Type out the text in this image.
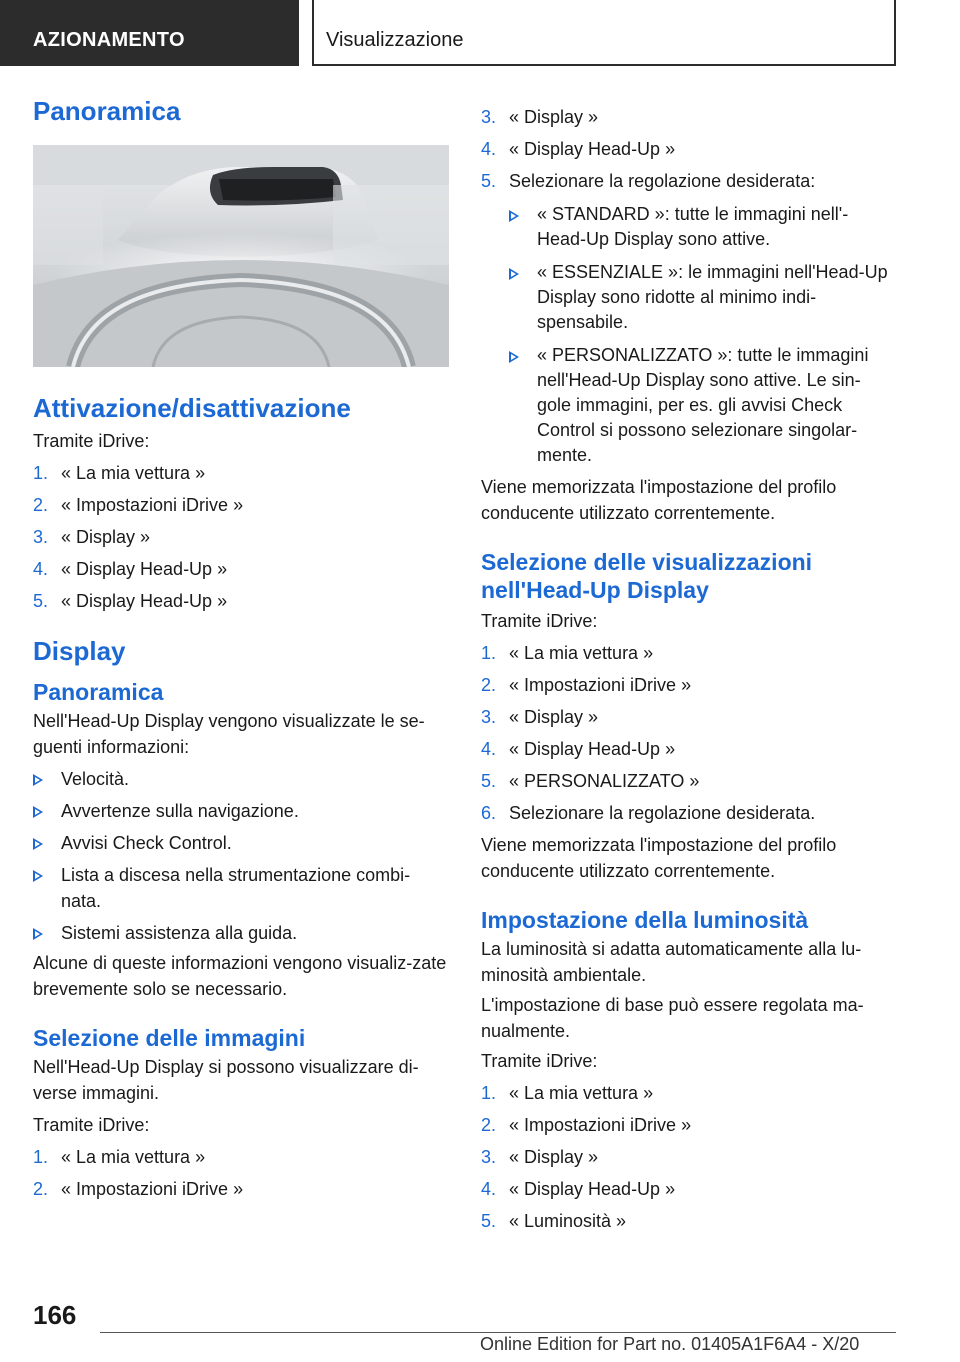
AZIONAMENTO	Visualizzazione
Panoramica
Attivazione/disattivazione
Tramite iDrive:
1. « La mia vettura »
2. « Impostazioni iDrive »
3. « Display »
4. « Display Head-Up »
5. « Display Head-Up »
Display
Panoramica
Nell'Head-Up Display vengono visualizzate le se-guenti informazioni:
Velocità.
Avvertenze sulla navigazione.
Avvisi Check Control.
Lista a discesa nella strumentazione combi-nata.
Sistemi assistenza alla guida.
Alcune di queste informazioni vengono visualiz-zate brevemente solo se necessario.
Selezione delle immagini
Nell'Head-Up Display si possono visualizzare di-verse immagini.
Tramite iDrive:
1. « La mia vettura »
2. « Impostazioni iDrive »
3. « Display »
4. « Display Head-Up »
5. Selezionare la regolazione desiderata:
« STANDARD »: tutte le immagini nell'-Head-Up Display sono attive.
« ESSENZIALE »: le immagini nell'Head-Up Display sono ridotte al minimo indi-spensabile.
« PERSONALIZZATO »: tutte le immagini nell'Head-Up Display sono attive. Le sin-gole immagini, per es. gli avvisi Check Control si possono selezionare singolar-mente.
Viene memorizzata l'impostazione del profilo conducente utilizzato correntemente.
Selezione delle visualizzazioni nell'Head-Up Display
Tramite iDrive:
1. « La mia vettura »
2. « Impostazioni iDrive »
3. « Display »
4. « Display Head-Up »
5. « PERSONALIZZATO »
6. Selezionare la regolazione desiderata.
Viene memorizzata l'impostazione del profilo conducente utilizzato correntemente.
Impostazione della luminosità
La luminosità si adatta automaticamente alla lu-minosità ambientale.
L'impostazione di base può essere regolata ma-nualmente.
Tramite iDrive:
1. « La mia vettura »
2. « Impostazioni iDrive »
3. « Display »
4. « Display Head-Up »
5. « Luminosità »
166
Online Edition for Part no. 01405A1F6A4 - X/20
